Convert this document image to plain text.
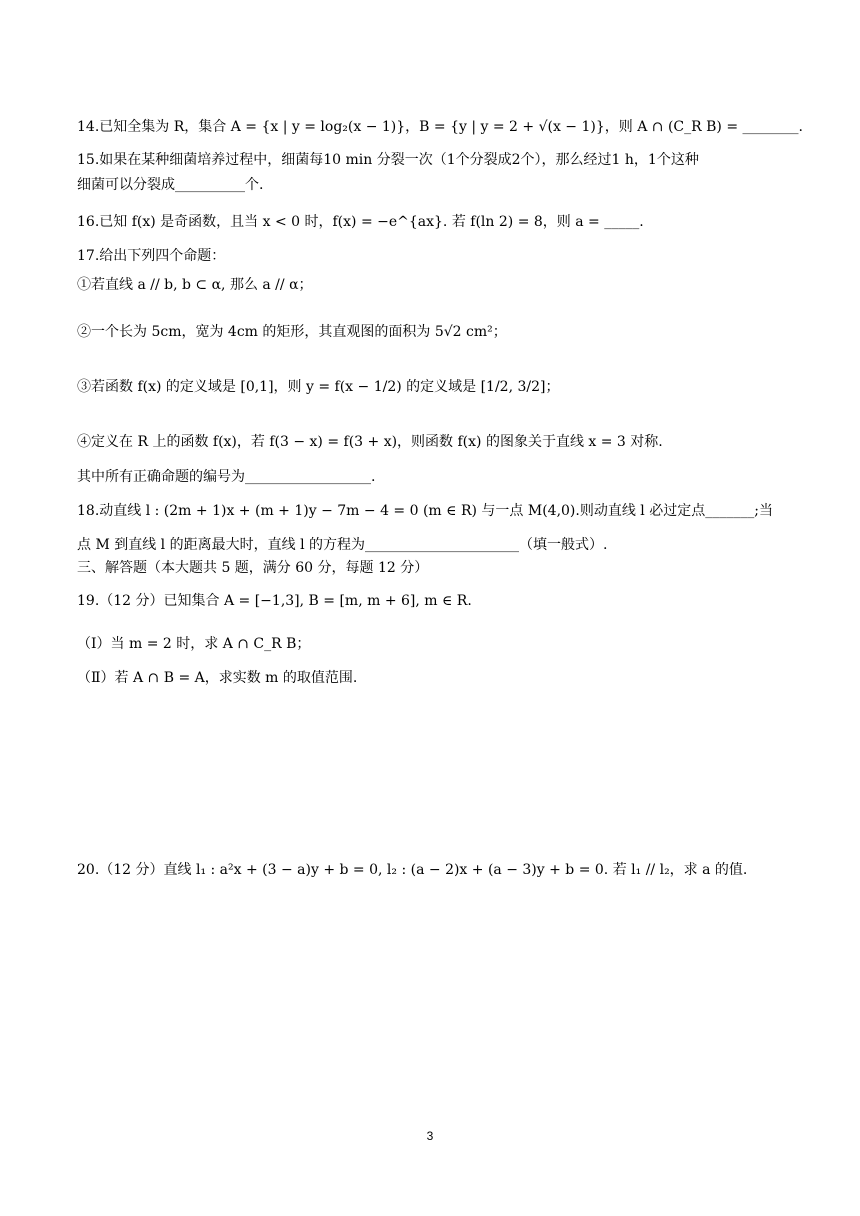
14.已知全集为 R，集合 A = {x | y = log₂(x − 1)}，B = {y | y = 2 + √(x − 1)}，则 A ∩ (C_R B) = ________.
15.如果在某种细菌培养过程中，细菌每10 min 分裂一次（1个分裂成2个），那么经过1 h，1个这种
细菌可以分裂成__________个.
16.已知 f(x) 是奇函数，且当 x < 0 时，f(x) = −e^{ax}. 若 f(ln 2) = 8，则 a = _____.
17.给出下列四个命题：
①若直线 a // b, b ⊂ α, 那么 a // α；
②一个长为 5cm，宽为 4cm 的矩形，其直观图的面积为 5√2 cm²；
③若函数 f(x) 的定义域是 [0,1]，则 y = f(x − 1/2) 的定义域是 [1/2, 3/2]；
④定义在 R 上的函数 f(x)，若 f(3 − x) = f(3 + x)，则函数 f(x) 的图象关于直线 x = 3 对称.
其中所有正确命题的编号为__________________.
18.动直线 l : (2m + 1)x + (m + 1)y − 7m − 4 = 0 (m ∈ R) 与一点 M(4,0).则动直线 l 必过定点_______;当
点 M 到直线 l 的距离最大时，直线 l 的方程为______________________（填一般式）.
三、解答题（本大题共 5 题，满分 60 分，每题 12 分）
19.（12 分）已知集合 A = [−1,3], B = [m, m + 6], m ∈ R.
（Ⅰ）当 m = 2 时，求 A ∩ C_R B；
（Ⅱ）若 A ∩ B = A，求实数 m 的取值范围.
20.（12 分）直线 l₁ : a²x + (3 − a)y + b = 0, l₂ : (a − 2)x + (a − 3)y + b = 0. 若 l₁ // l₂，求 a 的值.
3
